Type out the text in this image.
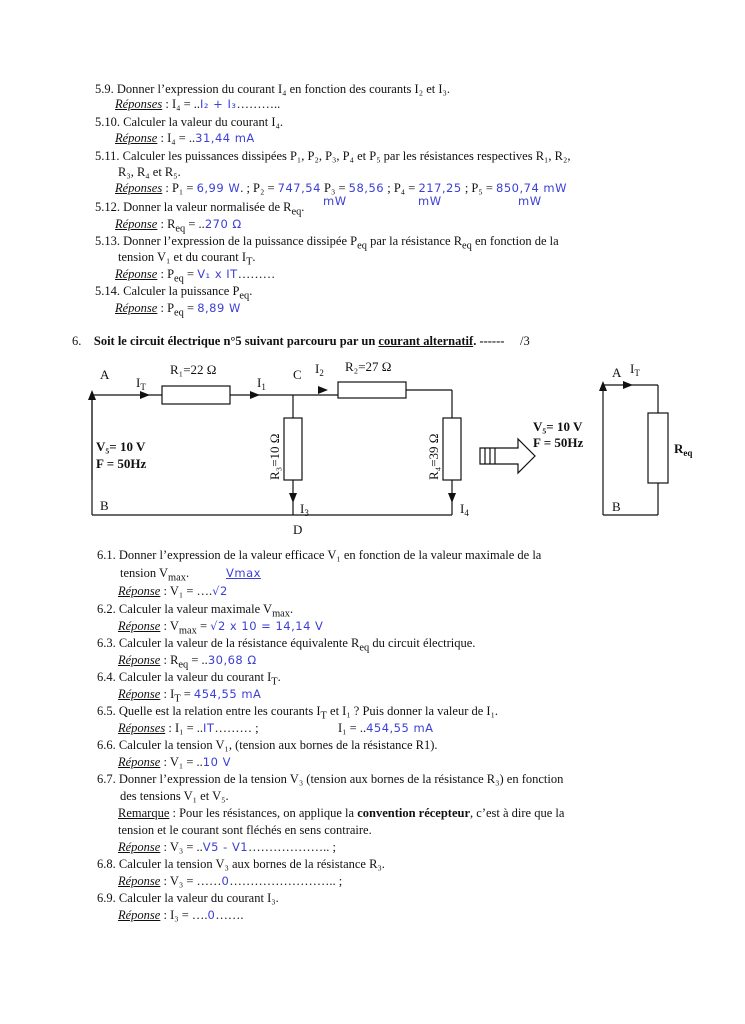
5.9. Donner l’expression du courant I₄ en fonction des courants I₂ et I₃.
Réponses : I₄ = ..I₂ + I₃………..
5.10. Calculer la valeur du courant I₄.
Réponse : I₄ = ..31,44 mA
5.11. Calculer les puissances dissipées P₁, P₂, P₃, P₄ et P₅ par les résistances respectives R₁, R₂,
R₃, R₄ et R₅.
Réponses : P₁ = 6,99 W. ; P₂ = 747,54 P₃ = 58,56 ; P₄ = 217,25 ; P₅ = 850,74 mW
mW	mW	mW
5.12. Donner la valeur normalisée de $R_{eq}$.
Réponse : $R_{eq} = ..270$ Ω
5.13. Donner l’expression de la puissance dissipée $P_{eq}$ par la résistance $R_{eq}$ en fonction de la
tension V₁ et du courant $I_T$.
Réponse : $P_{eq} = V_1$ x IT………
5.14. Calculer la puissance $P_{eq}$.
Réponse : $P_{eq} = 8,89$ W
6. Soit le circuit électrique n°5 suivant parcouru par un courant alternatif. ------ /3
A
$I_T$
R₁=22 Ω
$I_1$
C $I_2$ R₂=27 Ω
R₃=10 Ω	R₄=39 Ω
V₅= 10 V
F = 50Hz
B	$I_3$	$I_4$
D
V₅= 10 V
F = 50Hz
A $I_T$
$R_{eq}$
B
6.1. Donner l’expression de la valeur efficace V₁ en fonction de la valeur maximale de la
tension $V_{max}$.	Vmax
Réponse : V₁ = ….√2
6.2. Calculer la valeur maximale $V_{max}$.
Réponse : $V_{max} = √2$ x 10 = 14,14 V
6.3. Calculer la valeur de la résistance équivalente $R_{eq}$ du circuit électrique.
Réponse : $R_{eq} = ..30,68$ Ω
6.4. Calculer la valeur du courant $I_T$.
Réponse : $I_T = 454,55$ mA
6.5. Quelle est la relation entre les courants $I_T$ et I₁ ? Puis donner la valeur de I₁.
Réponses : I₁ = ..IT……… ;	I₁ = ..454,55 mA
6.6. Calculer la tension V₁, (tension aux bornes de la résistance R1).
Réponse : V₁ = ..10 V
6.7. Donner l’expression de la tension V₃ (tension aux bornes de la résistance R₃) en fonction
des tensions V₁ et V₅.
Remarque : Pour les résistances, on applique la convention récepteur, c’est à dire que la
tension et le courant sont fléchés en sens contraire.
Réponse : V₃ = ..V5 - V1……………….. ;
6.8. Calculer la tension V₃ aux bornes de la résistance R₃.
Réponse : V₃ = ……0…………………….. ;
6.9. Calculer la valeur du courant I₃.
Réponse : I₃ = ….0…….
